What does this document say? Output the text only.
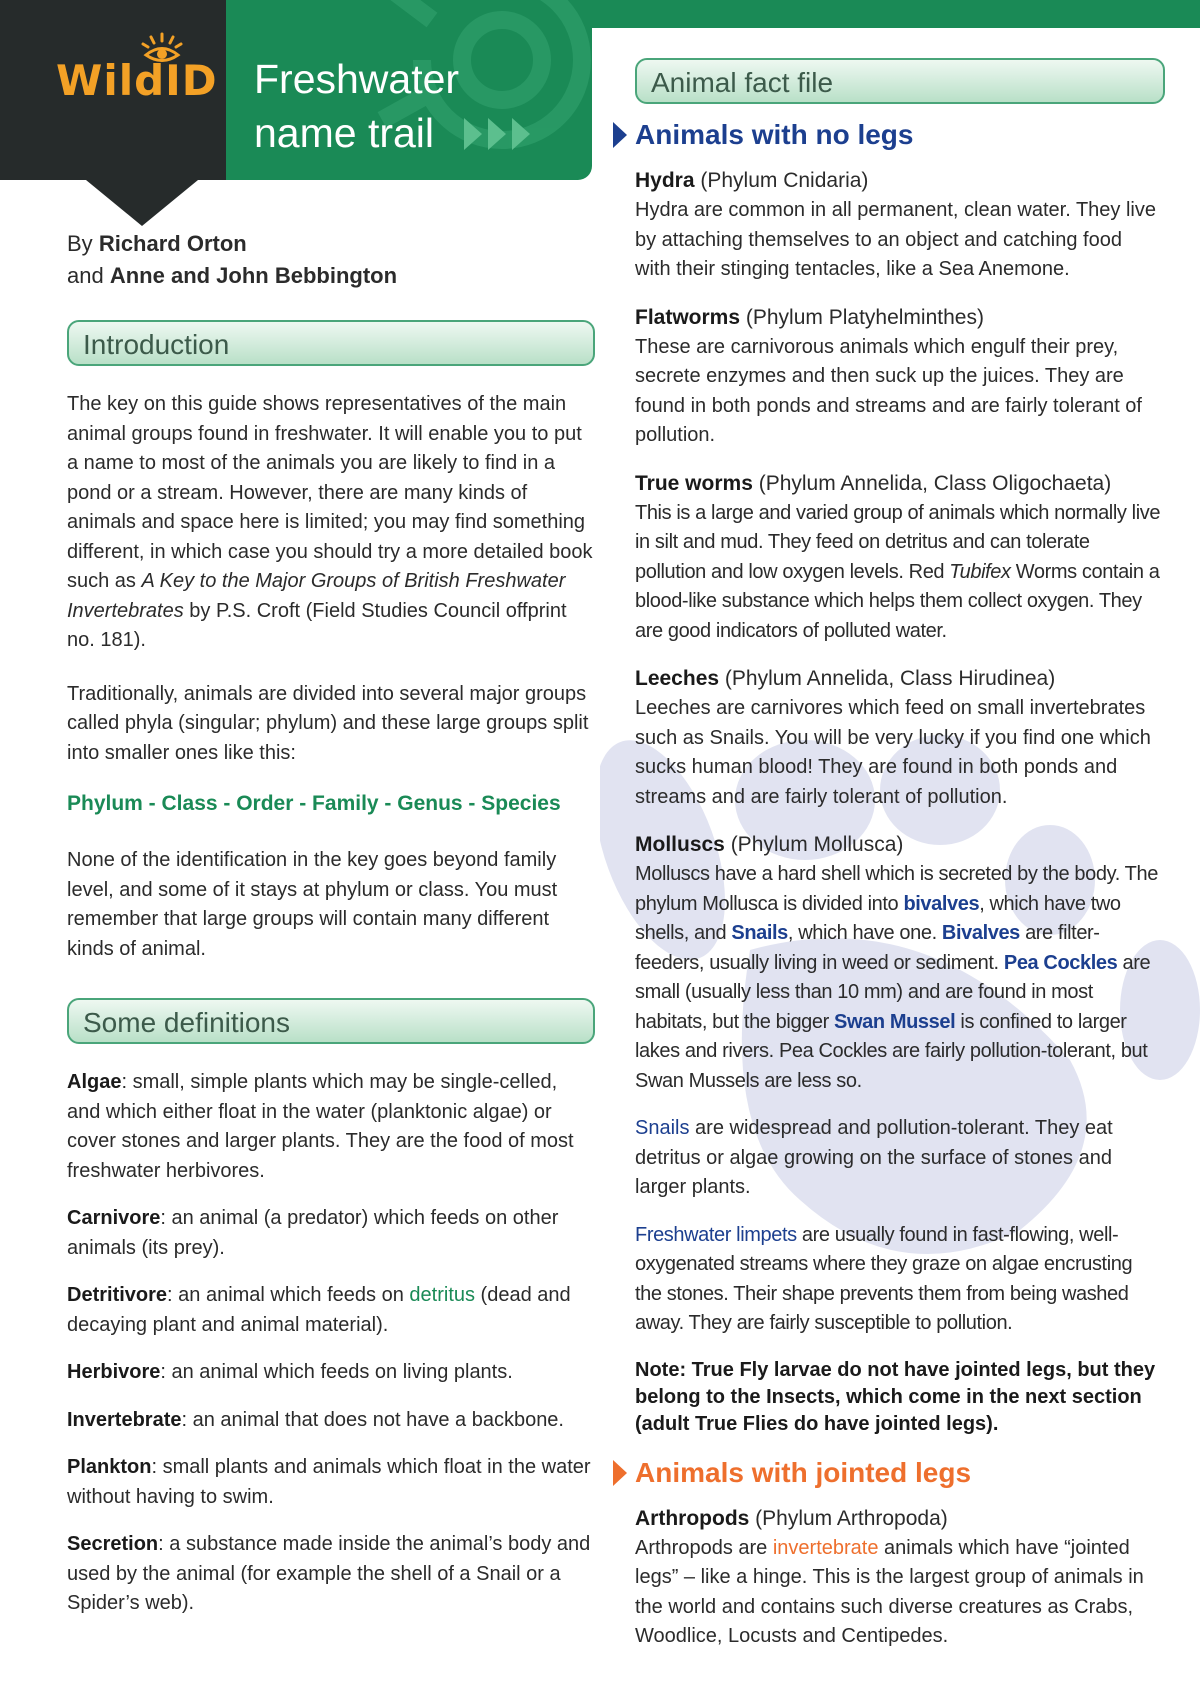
WildID Freshwater
name trail
By Richard Orton
and Anne and John Bebbington
Introduction

The key on this guide shows representatives of the main animal groups found in freshwater. It will enable you to put a name to most of the animals you are likely to find in a pond or a stream. However, there are many kinds of animals and space here is limited; you may find something different, in which case you should try a more detailed book such as A Key to the Major Groups of British Freshwater Invertebrates by P.S. Croft (Field Studies Council offprint no. 181).

Traditionally, animals are divided into several major groups called phyla (singular; phylum) and these large groups split into smaller ones like this:

Phylum - Class - Order - Family - Genus - Species

None of the identification in the key goes beyond family level, and some of it stays at phylum or class. You must remember that large groups will contain many different kinds of animal.

Some definitions

Algae: small, simple plants which may be single-celled, and which either float in the water (planktonic algae) or cover stones and larger plants. They are the food of most freshwater herbivores.

Carnivore: an animal (a predator) which feeds on other animals (its prey).

Detritivore: an animal which feeds on detritus (dead and decaying plant and animal material).

Herbivore: an animal which feeds on living plants.

Invertebrate: an animal that does not have a backbone.

Plankton: small plants and animals which float in the water without having to swim.

Secretion: a substance made inside the animal’s body and used by the animal (for example the shell of a Snail or a Spider’s web).

Animal fact file
Animals with no legs
Hydra (Phylum Cnidaria)

Hydra are common in all permanent, clean water. They live by attaching themselves to an object and catching food with their stinging tentacles, like a Sea Anemone.

Flatworms (Phylum Platyhelminthes)

These are carnivorous animals which engulf their prey, secrete enzymes and then suck up the juices. They are found in both ponds and streams and are fairly tolerant of pollution.

True worms (Phylum Annelida, Class Oligochaeta)

This is a large and varied group of animals which normally live in silt and mud. They feed on detritus and can tolerate pollution and low oxygen levels. Red Tubifex Worms contain a blood-like substance which helps them collect oxygen. They are good indicators of polluted water.

Leeches (Phylum Annelida, Class Hirudinea)

Leeches are carnivores which feed on small invertebrates such as Snails. You will be very lucky if you find one which sucks human blood! They are found in both ponds and streams and are fairly tolerant of pollution.

Molluscs (Phylum Mollusca)

Molluscs have a hard shell which is secreted by the body. The phylum Mollusca is divided into bivalves, which have two shells, and Snails, which have one. Bivalves are filter-feeders, usually living in weed or sediment. Pea Cockles are small (usually less than 10 mm) and are found in most habitats, but the bigger Swan Mussel is confined to larger lakes and rivers. Pea Cockles are fairly pollution-tolerant, but Swan Mussels are less so.

Snails are widespread and pollution-tolerant. They eat detritus or algae growing on the surface of stones and larger plants.

Freshwater limpets are usually found in fast-flowing, well-oxygenated streams where they graze on algae encrusting the stones. Their shape prevents them from being washed away. They are fairly susceptible to pollution.

Note: True Fly larvae do not have jointed legs, but they belong to the Insects, which come in the next section (adult True Flies do have jointed legs).

Animals with jointed legs
Arthropods (Phylum Arthropoda)

Arthropods are invertebrate animals which have “jointed legs” – like a hinge. This is the largest group of animals in the world and contains such diverse creatures as Crabs, Woodlice, Locusts and Centipedes.
